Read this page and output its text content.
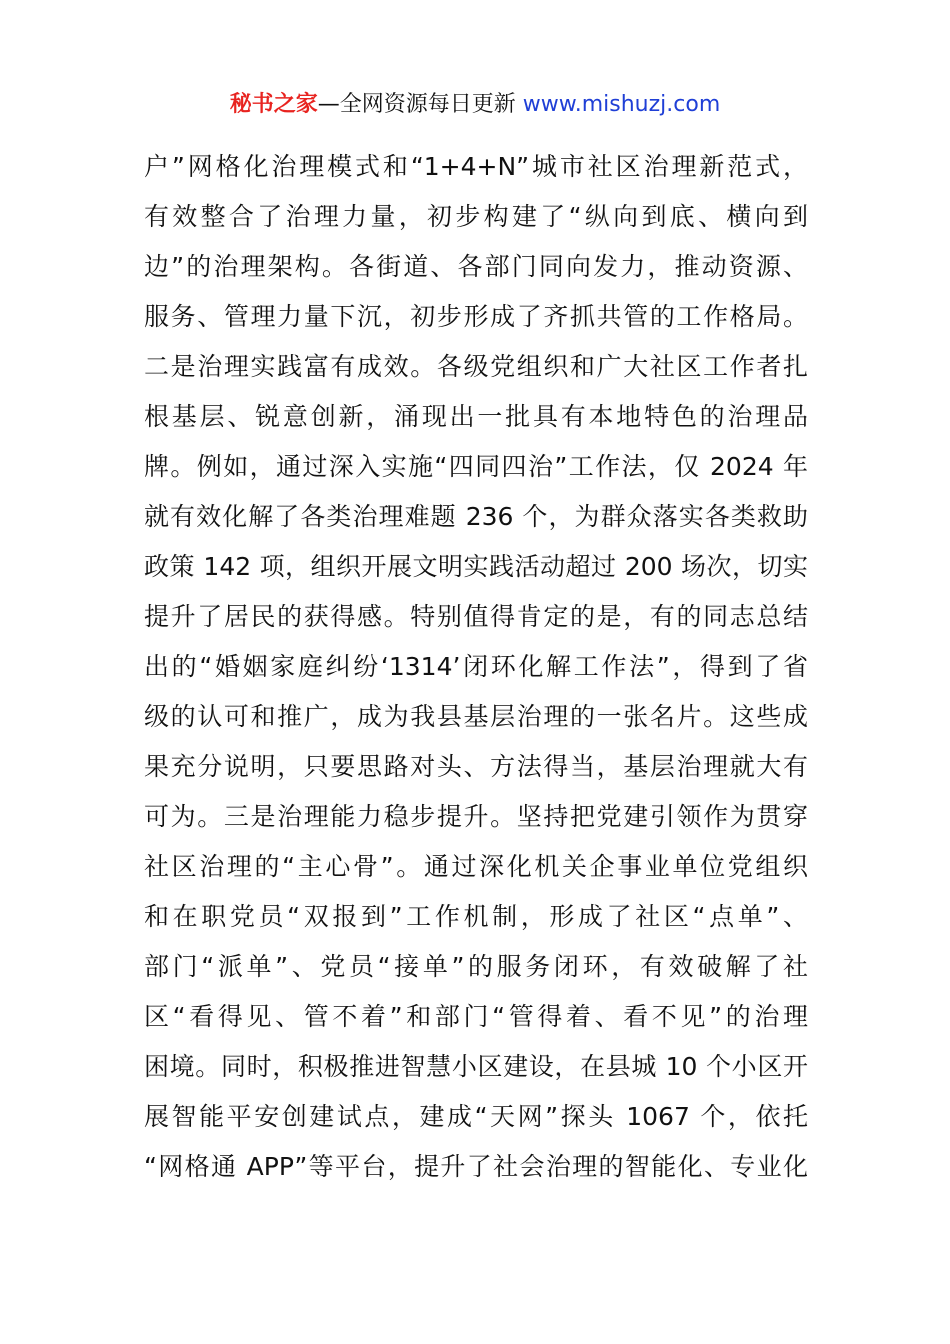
秘书之家—全网资源每日更新 www.mishuzj.com
户”网格化治理模式和“1+4+N”城市社区治理新范式，
有效整合了治理力量，初步构建了“纵向到底、横向到
边”的治理架构。各街道、各部门同向发力，推动资源、
服务、管理力量下沉，初步形成了齐抓共管的工作格局。
二是治理实践富有成效。各级党组织和广大社区工作者扎
根基层、锐意创新，涌现出一批具有本地特色的治理品
牌。例如，通过深入实施“四同四治”工作法，仅 2024 年
就有效化解了各类治理难题 236 个，为群众落实各类救助
政策 142 项，组织开展文明实践活动超过 200 场次，切实
提升了居民的获得感。特别值得肯定的是，有的同志总结
出的“婚姻家庭纠纷‘1314’闭环化解工作法”，得到了省
级的认可和推广，成为我县基层治理的一张名片。这些成
果充分说明，只要思路对头、方法得当，基层治理就大有
可为。三是治理能力稳步提升。坚持把党建引领作为贯穿
社区治理的“主心骨”。通过深化机关企事业单位党组织
和在职党员“双报到”工作机制，形成了社区“点单”、
部门“派单”、党员“接单”的服务闭环，有效破解了社
区“看得见、管不着”和部门“管得着、看不见”的治理
困境。同时，积极推进智慧小区建设，在县城 10 个小区开
展智能平安创建试点，建成“天网”探头 1067 个，依托
“网格通 APP”等平台，提升了社会治理的智能化、专业化
